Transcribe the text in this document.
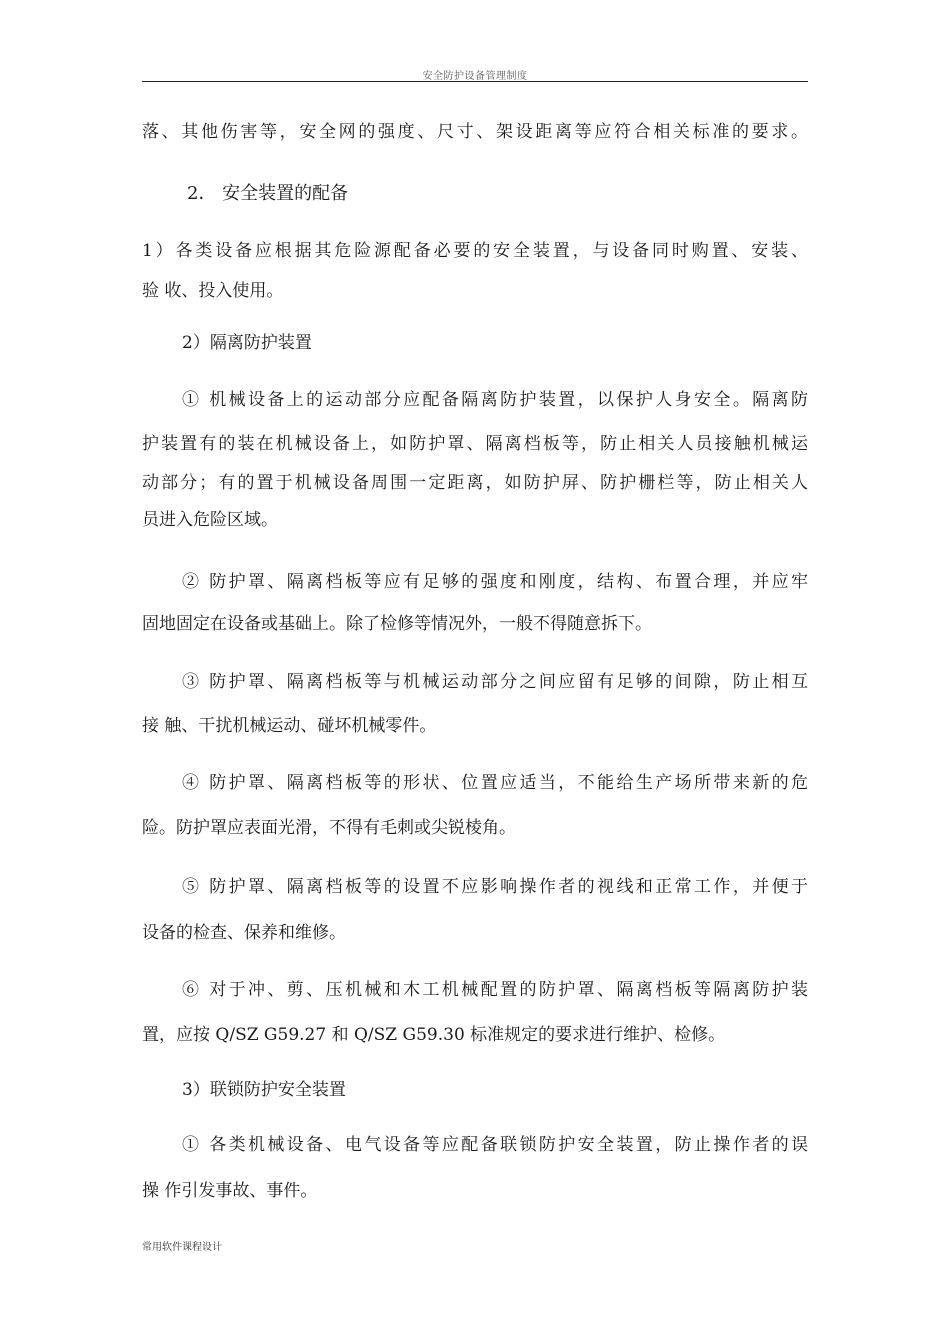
安全防护设备管理制度
落、其他伤害等，安全网的强度、尺寸、架设距离等应符合相关标准的要求。
2． 安全装置的配备
1）各类设备应根据其危险源配备必要的安全装置，与设备同时购置、安装、
验 收、投入使用。
2）隔离防护装置
① 机械设备上的运动部分应配备隔离防护装置，以保护人身安全。隔离防
护装置有的装在机械设备上，如防护罩、隔离档板等，防止相关人员接触机械运
动部分；有的置于机械设备周围一定距离，如防护屏、防护栅栏等，防止相关人
员进入危险区域。
② 防护罩、隔离档板等应有足够的强度和刚度，结构、布置合理，并应牢
固地固定在设备或基础上。除了检修等情况外，一般不得随意拆下。
③ 防护罩、隔离档板等与机械运动部分之间应留有足够的间隙，防止相互
接 触、干扰机械运动、碰坏机械零件。
④ 防护罩、隔离档板等的形状、位置应适当，不能给生产场所带来新的危
险。防护罩应表面光滑，不得有毛刺或尖锐棱角。
⑤ 防护罩、隔离档板等的设置不应影响操作者的视线和正常工作，并便于
设备的检查、保养和维修。
⑥ 对于冲、剪、压机械和木工机械配置的防护罩、隔离档板等隔离防护装
置，应按 Q/SZ G59.27 和 Q/SZ G59.30 标准规定的要求进行维护、检修。
3）联锁防护安全装置
① 各类机械设备、电气设备等应配备联锁防护安全装置，防止操作者的误
操 作引发事故、事件。
常用软件课程设计
